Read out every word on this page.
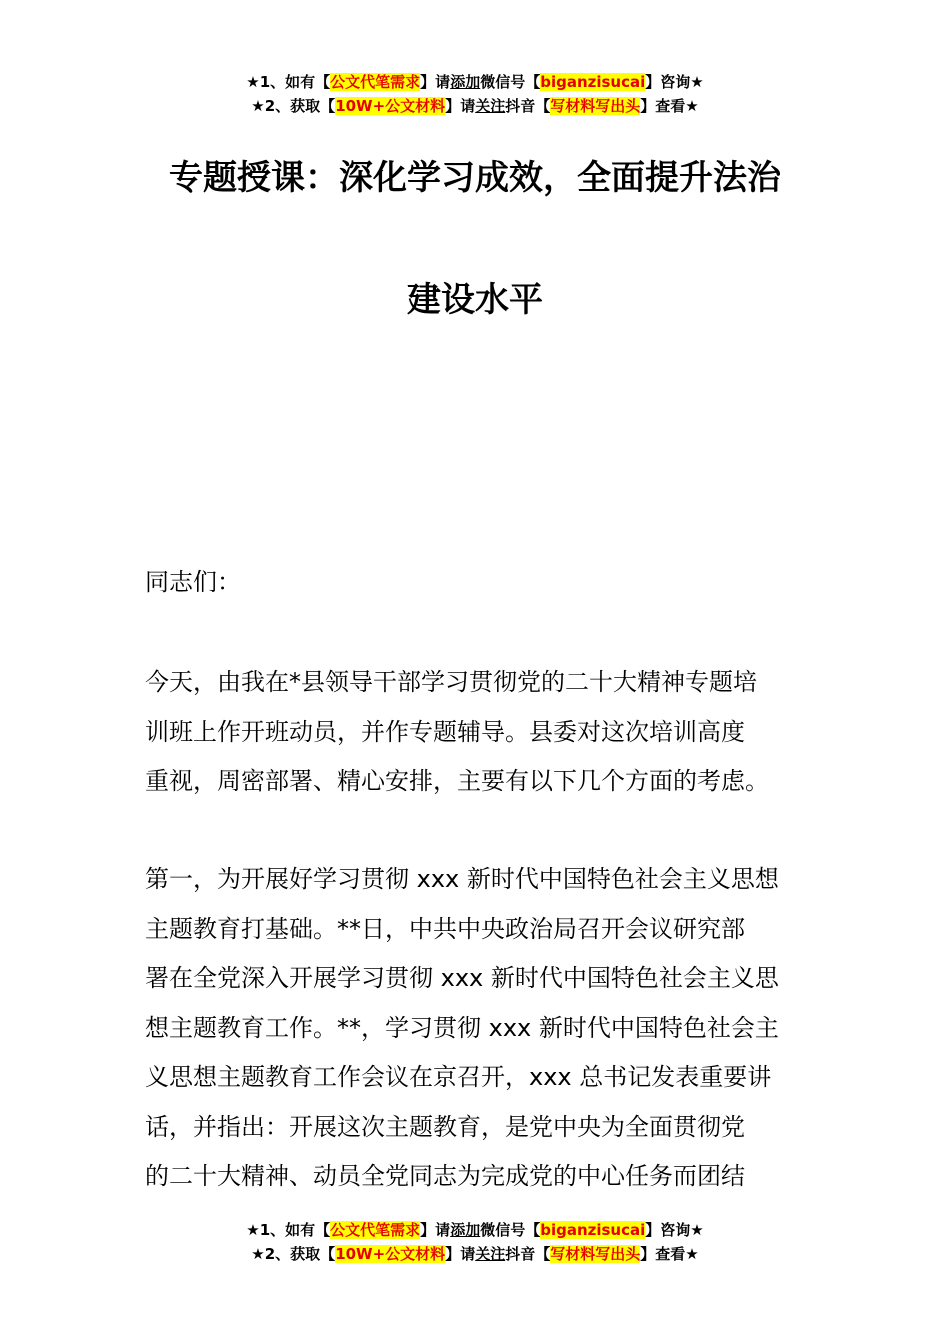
★1、如有【公文代笔需求】请添加微信号【biganzisucai】咨询★
★2、获取【10W+公文材料】请关注抖音【写材料写出头】查看★
专题授课：深化学习成效，全面提升法治
建设水平

同志们：

今天，由我在*县领导干部学习贯彻党的二十大精神专题培
训班上作开班动员，并作专题辅导。县委对这次培训高度
重视，周密部署、精心安排，主要有以下几个方面的考虑。

第一，为开展好学习贯彻 xxx 新时代中国特色社会主义思想
主题教育打基础。**日，中共中央政治局召开会议研究部
署在全党深入开展学习贯彻 xxx 新时代中国特色社会主义思
想主题教育工作。**，学习贯彻 xxx 新时代中国特色社会主
义思想主题教育工作会议在京召开，xxx 总书记发表重要讲
话，并指出：开展这次主题教育，是党中央为全面贯彻党
的二十大精神、动员全党同志为完成党的中心任务而团结

★1、如有【公文代笔需求】请添加微信号【biganzisucai】咨询★
★2、获取【10W+公文材料】请关注抖音【写材料写出头】查看★
